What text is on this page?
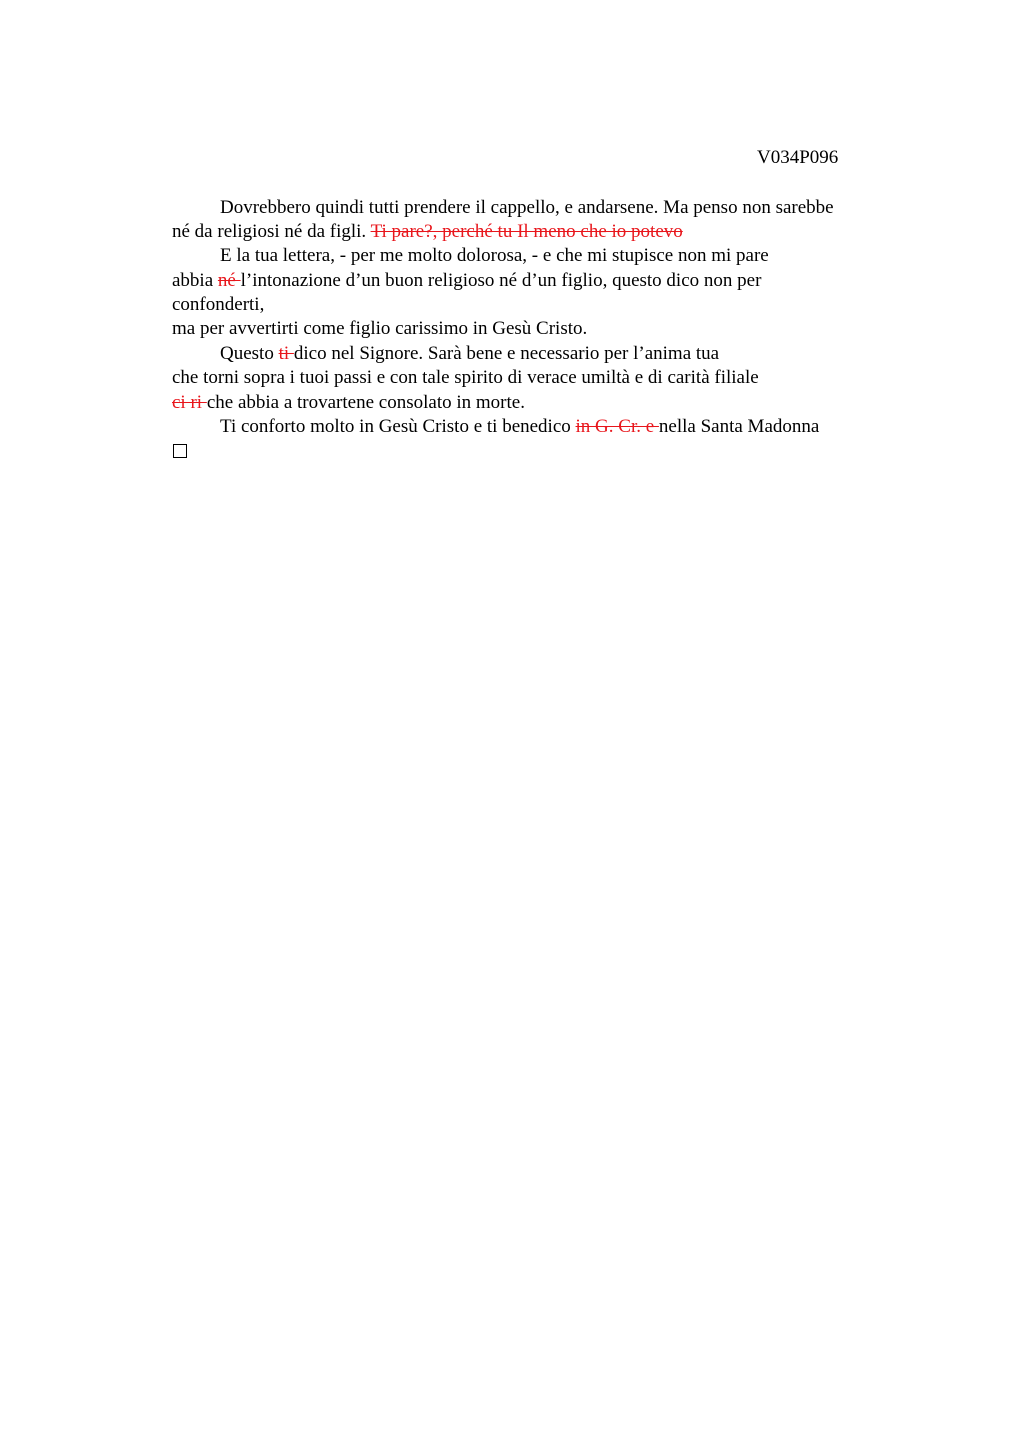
V034P096
Dovrebbero quindi tutti prendere il cappello, e andarsene. Ma penso non sarebbe
né da religiosi né da figli. Ti pare?, perché tu Il meno che io potevo
E la tua lettera, - per me molto dolorosa, - e che mi stupisce non mi pare
abbia né l’intonazione d’un buon religioso né d’un figlio, questo dico non per
confonderti,
ma per avvertirti come figlio carissimo in Gesù Cristo.
Questo ti dico nel Signore. Sarà bene e necessario per l’anima tua
che torni sopra i tuoi passi e con tale spirito di verace umiltà e di carità filiale
ci ri che abbia a trovartene consolato in morte.
Ti conforto molto in Gesù Cristo e ti benedico in G. Cr. e nella Santa Madonna
